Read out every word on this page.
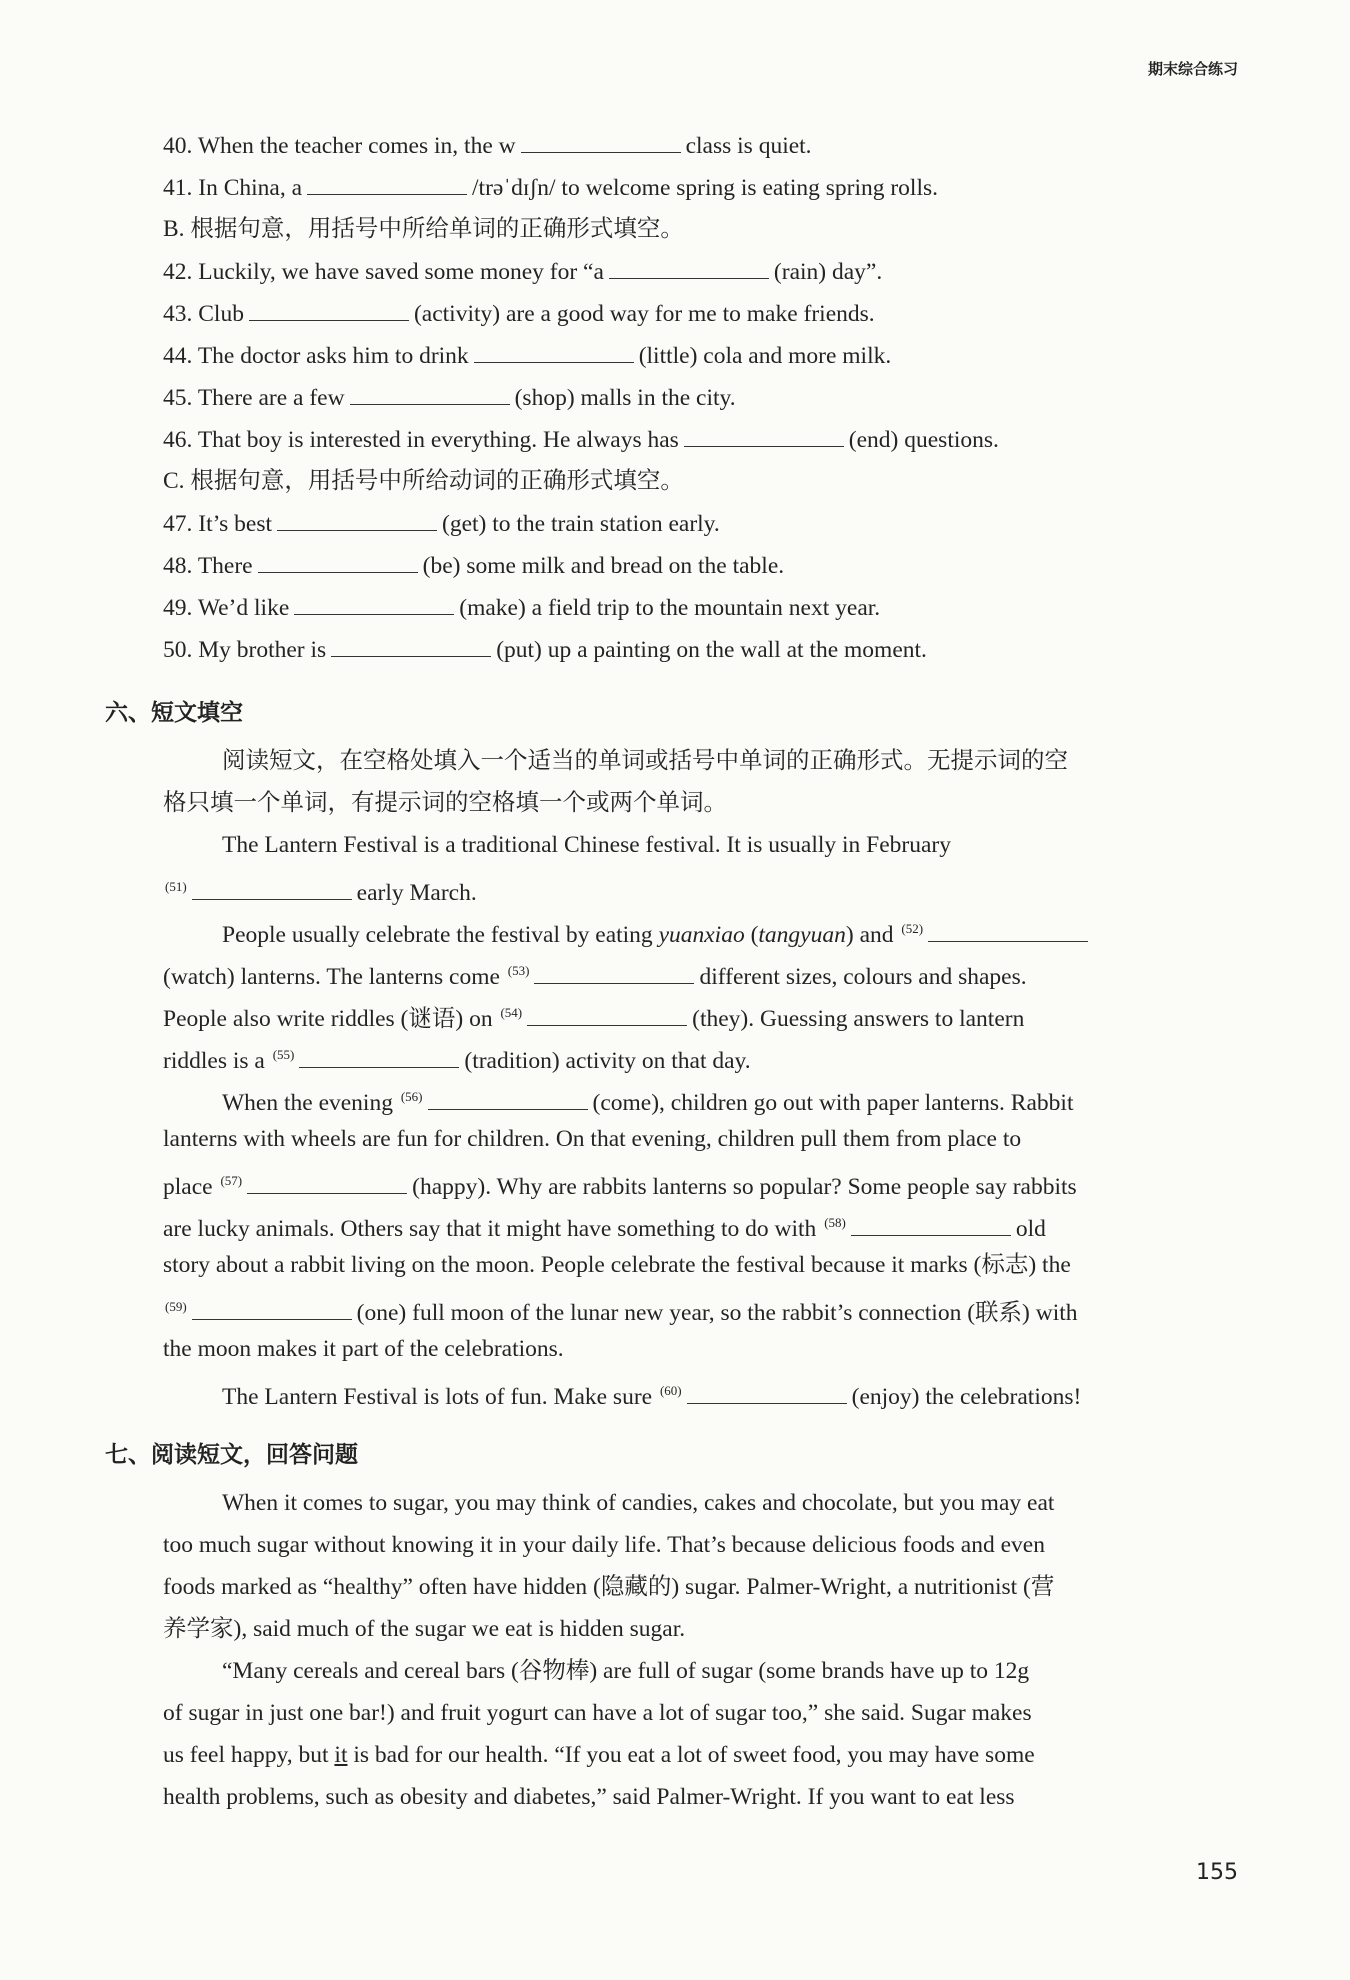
期末综合练习
40. When the teacher comes in, the w	class is quiet.
41. In China, a	/trəˈdɪʃn/ to welcome spring is eating spring rolls.
B. 根据句意，用括号中所给单词的正确形式填空。
42. Luckily, we have saved some money for “a	(rain) day”.
43. Club	(activity) are a good way for me to make friends.
44. The doctor asks him to drink	(little) cola and more milk.
45. There are a few	(shop) malls in the city.
46. That boy is interested in everything. He always has	(end) questions.
C. 根据句意，用括号中所给动词的正确形式填空。
47. It’s best	(get) to the train station early.
48. There	(be) some milk and bread on the table.
49. We’d like	(make) a field trip to the mountain next year.
50. My brother is	(put) up a painting on the wall at the moment.
六、短文填空
阅读短文，在空格处填入一个适当的单词或括号中单词的正确形式。无提示词的空
格只填一个单词，有提示词的空格填一个或两个单词。
The Lantern Festival is a traditional Chinese festival. It is usually in February
$^{(51)}$	early March.
People usually celebrate the festival by eating yuanxiao (tangyuan) and $^{(52)}$
(watch) lanterns. The lanterns come $^{(53)}$	different sizes, colours and shapes.
People also write riddles (谜语) on $^{(54)}$	(they). Guessing answers to lantern
riddles is a $^{(55)}$	(tradition) activity on that day.
When the evening $^{(56)}$	(come), children go out with paper lanterns. Rabbit
lanterns with wheels are fun for children. On that evening, children pull them from place to
place $^{(57)}$	(happy). Why are rabbits lanterns so popular? Some people say rabbits
are lucky animals. Others say that it might have something to do with $^{(58)}$	old
story about a rabbit living on the moon. People celebrate the festival because it marks (标志) the
$^{(59)}$	(one) full moon of the lunar new year, so the rabbit’s connection (联系) with
the moon makes it part of the celebrations.
The Lantern Festival is lots of fun. Make sure $^{(60)}$	(enjoy) the celebrations!
七、阅读短文，回答问题
When it comes to sugar, you may think of candies, cakes and chocolate, but you may eat
too much sugar without knowing it in your daily life. That’s because delicious foods and even
foods marked as “healthy” often have hidden (隐藏的) sugar. Palmer-Wright, a nutritionist (营
养学家), said much of the sugar we eat is hidden sugar.
“Many cereals and cereal bars (谷物棒) are full of sugar (some brands have up to 12g
of sugar in just one bar!) and fruit yogurt can have a lot of sugar too,” she said. Sugar makes
us feel happy, but it is bad for our health. “If you eat a lot of sweet food, you may have some
health problems, such as obesity and diabetes,” said Palmer-Wright. If you want to eat less
155
